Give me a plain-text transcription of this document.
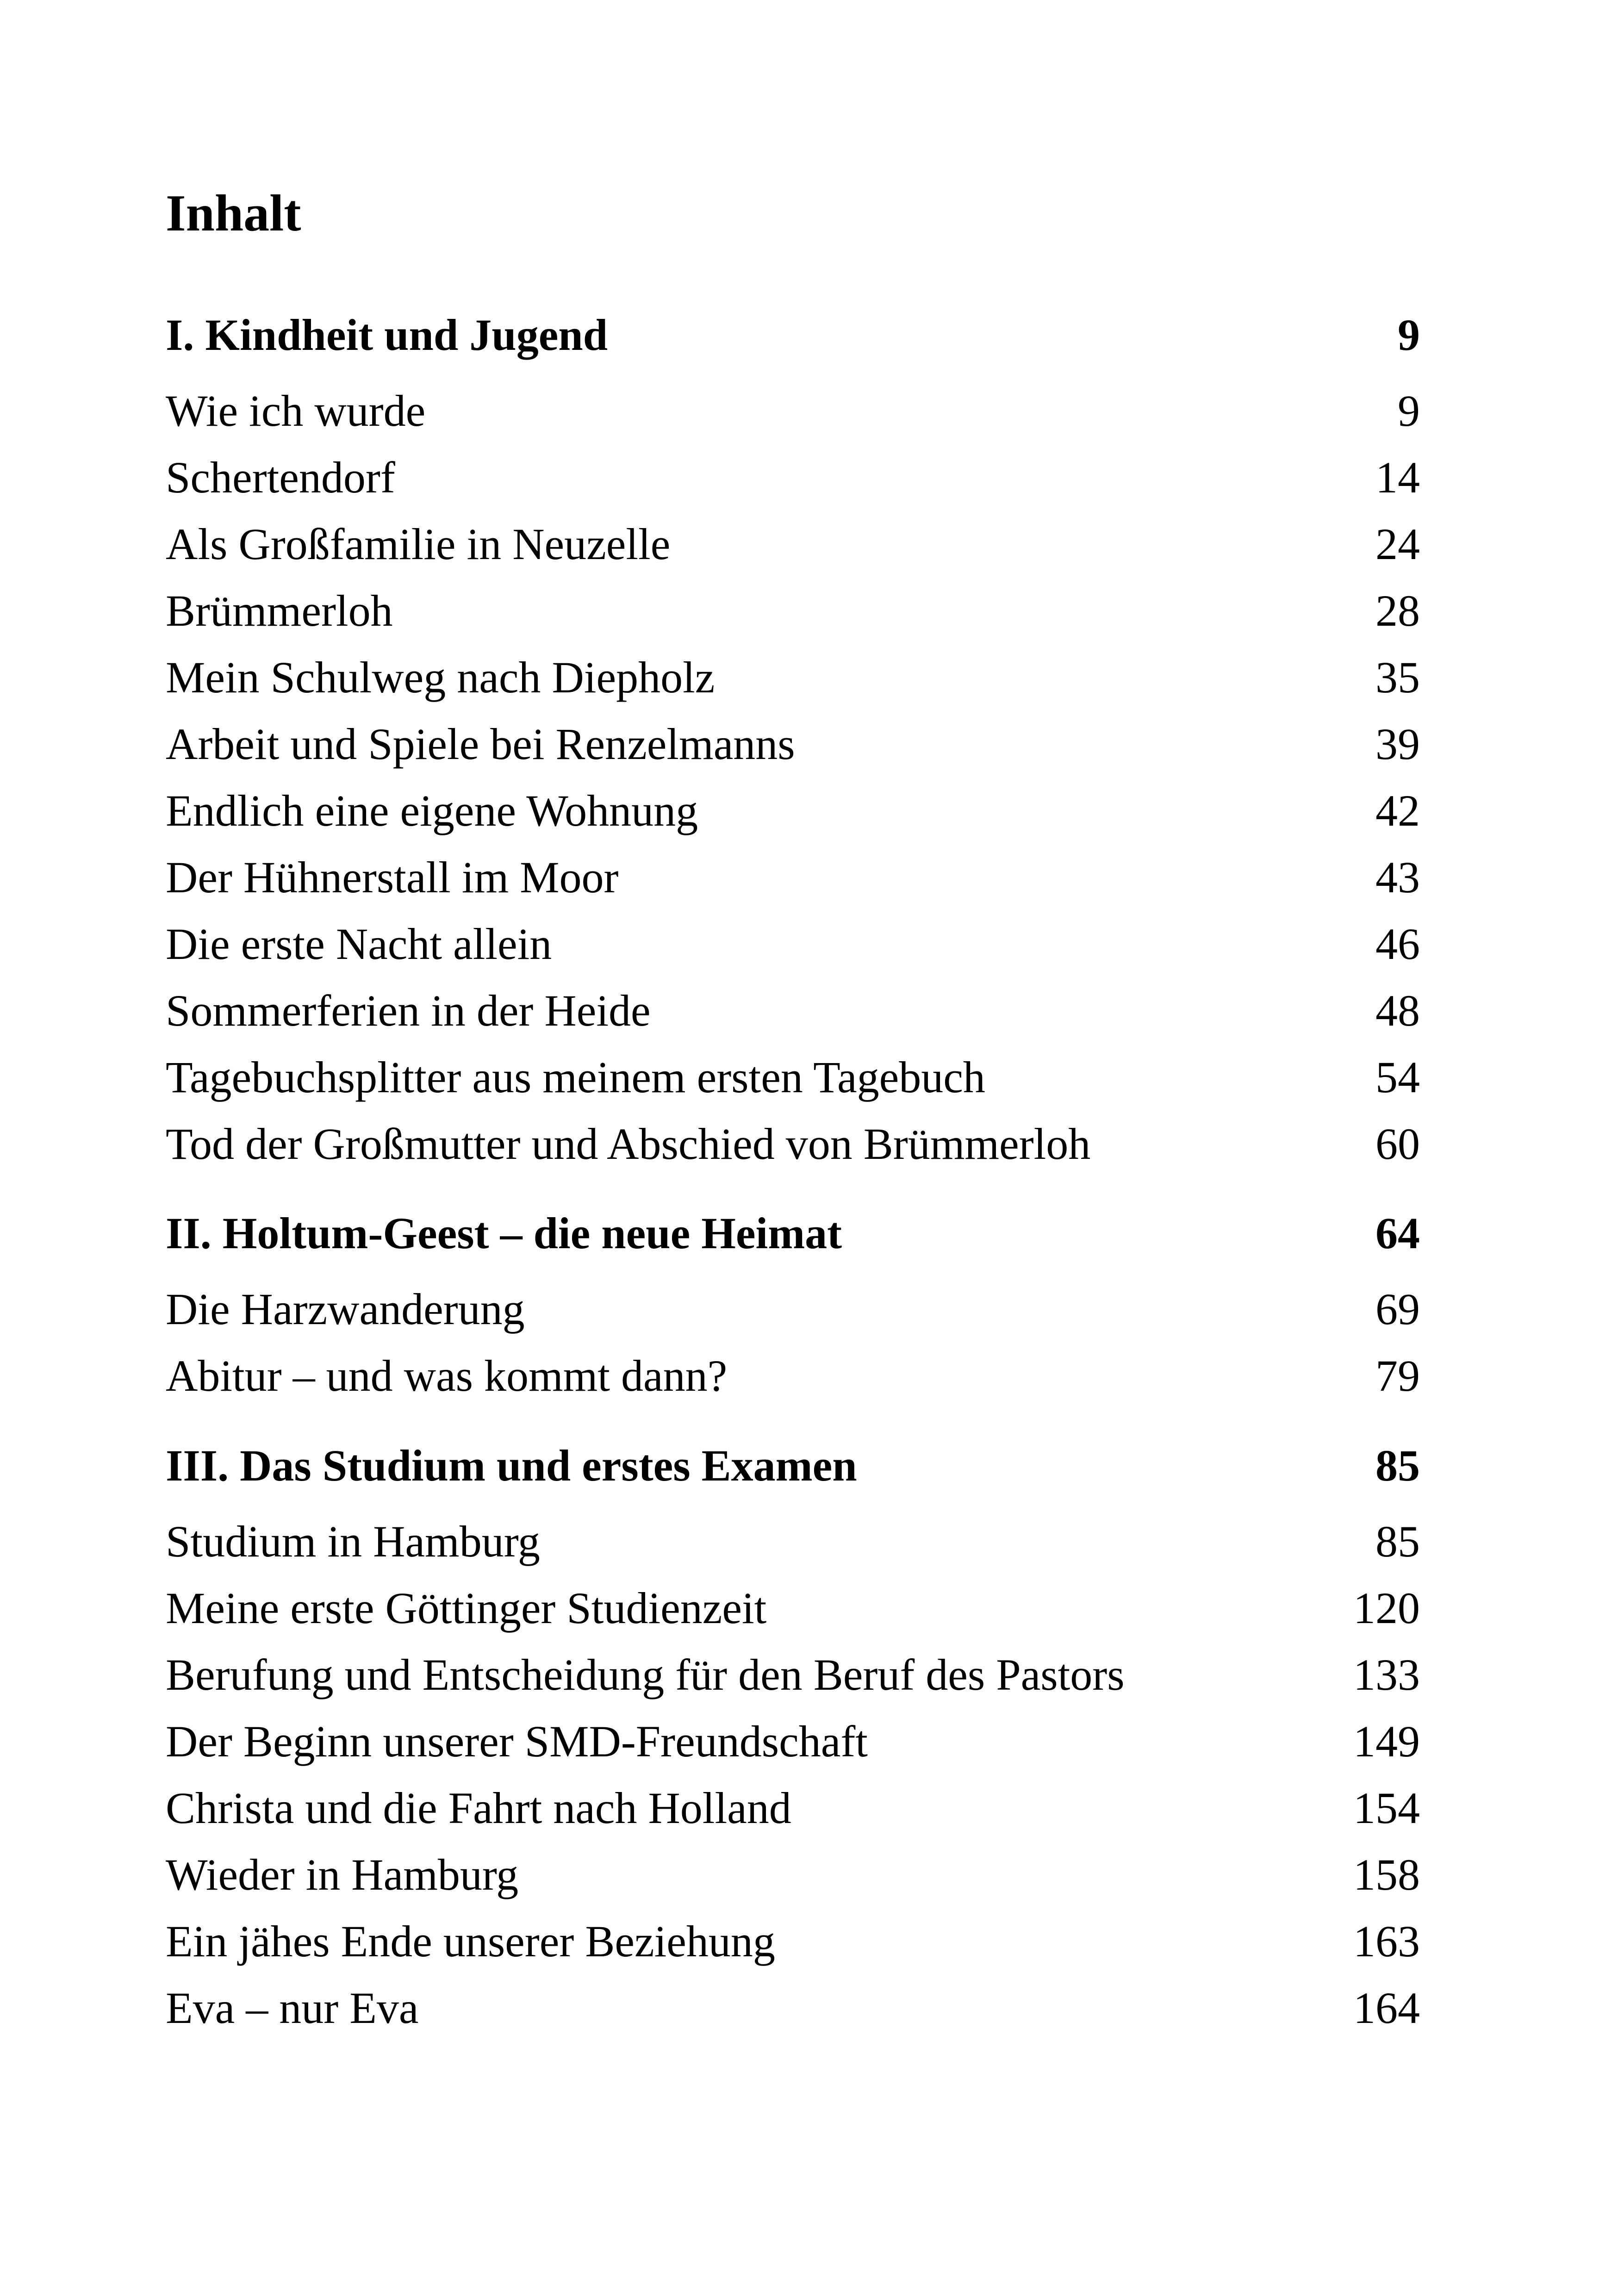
Inhalt
I. Kindheit und Jugend	9
Wie ich wurde	9
Schertendorf	14
Als Großfamilie in Neuzelle	24
Brümmerloh	28
Mein Schulweg nach Diepholz	35
Arbeit und Spiele bei Renzelmanns	39
Endlich eine eigene Wohnung	42
Der Hühnerstall im Moor	43
Die erste Nacht allein	46
Sommerferien in der Heide	48
Tagebuchsplitter aus meinem ersten Tagebuch	54
Tod der Großmutter und Abschied von Brümmerloh	60
II. Holtum-Geest – die neue Heimat	64
Die Harzwanderung	69
Abitur – und was kommt dann?	79
III. Das Studium und erstes Examen	85
Studium in Hamburg	85
Meine erste Göttinger Studienzeit	120
Berufung und Entscheidung für den Beruf des Pastors	133
Der Beginn unserer SMD-Freundschaft	149
Christa und die Fahrt nach Holland	154
Wieder in Hamburg	158
Ein jähes Ende unserer Beziehung	163
Eva – nur Eva	164
